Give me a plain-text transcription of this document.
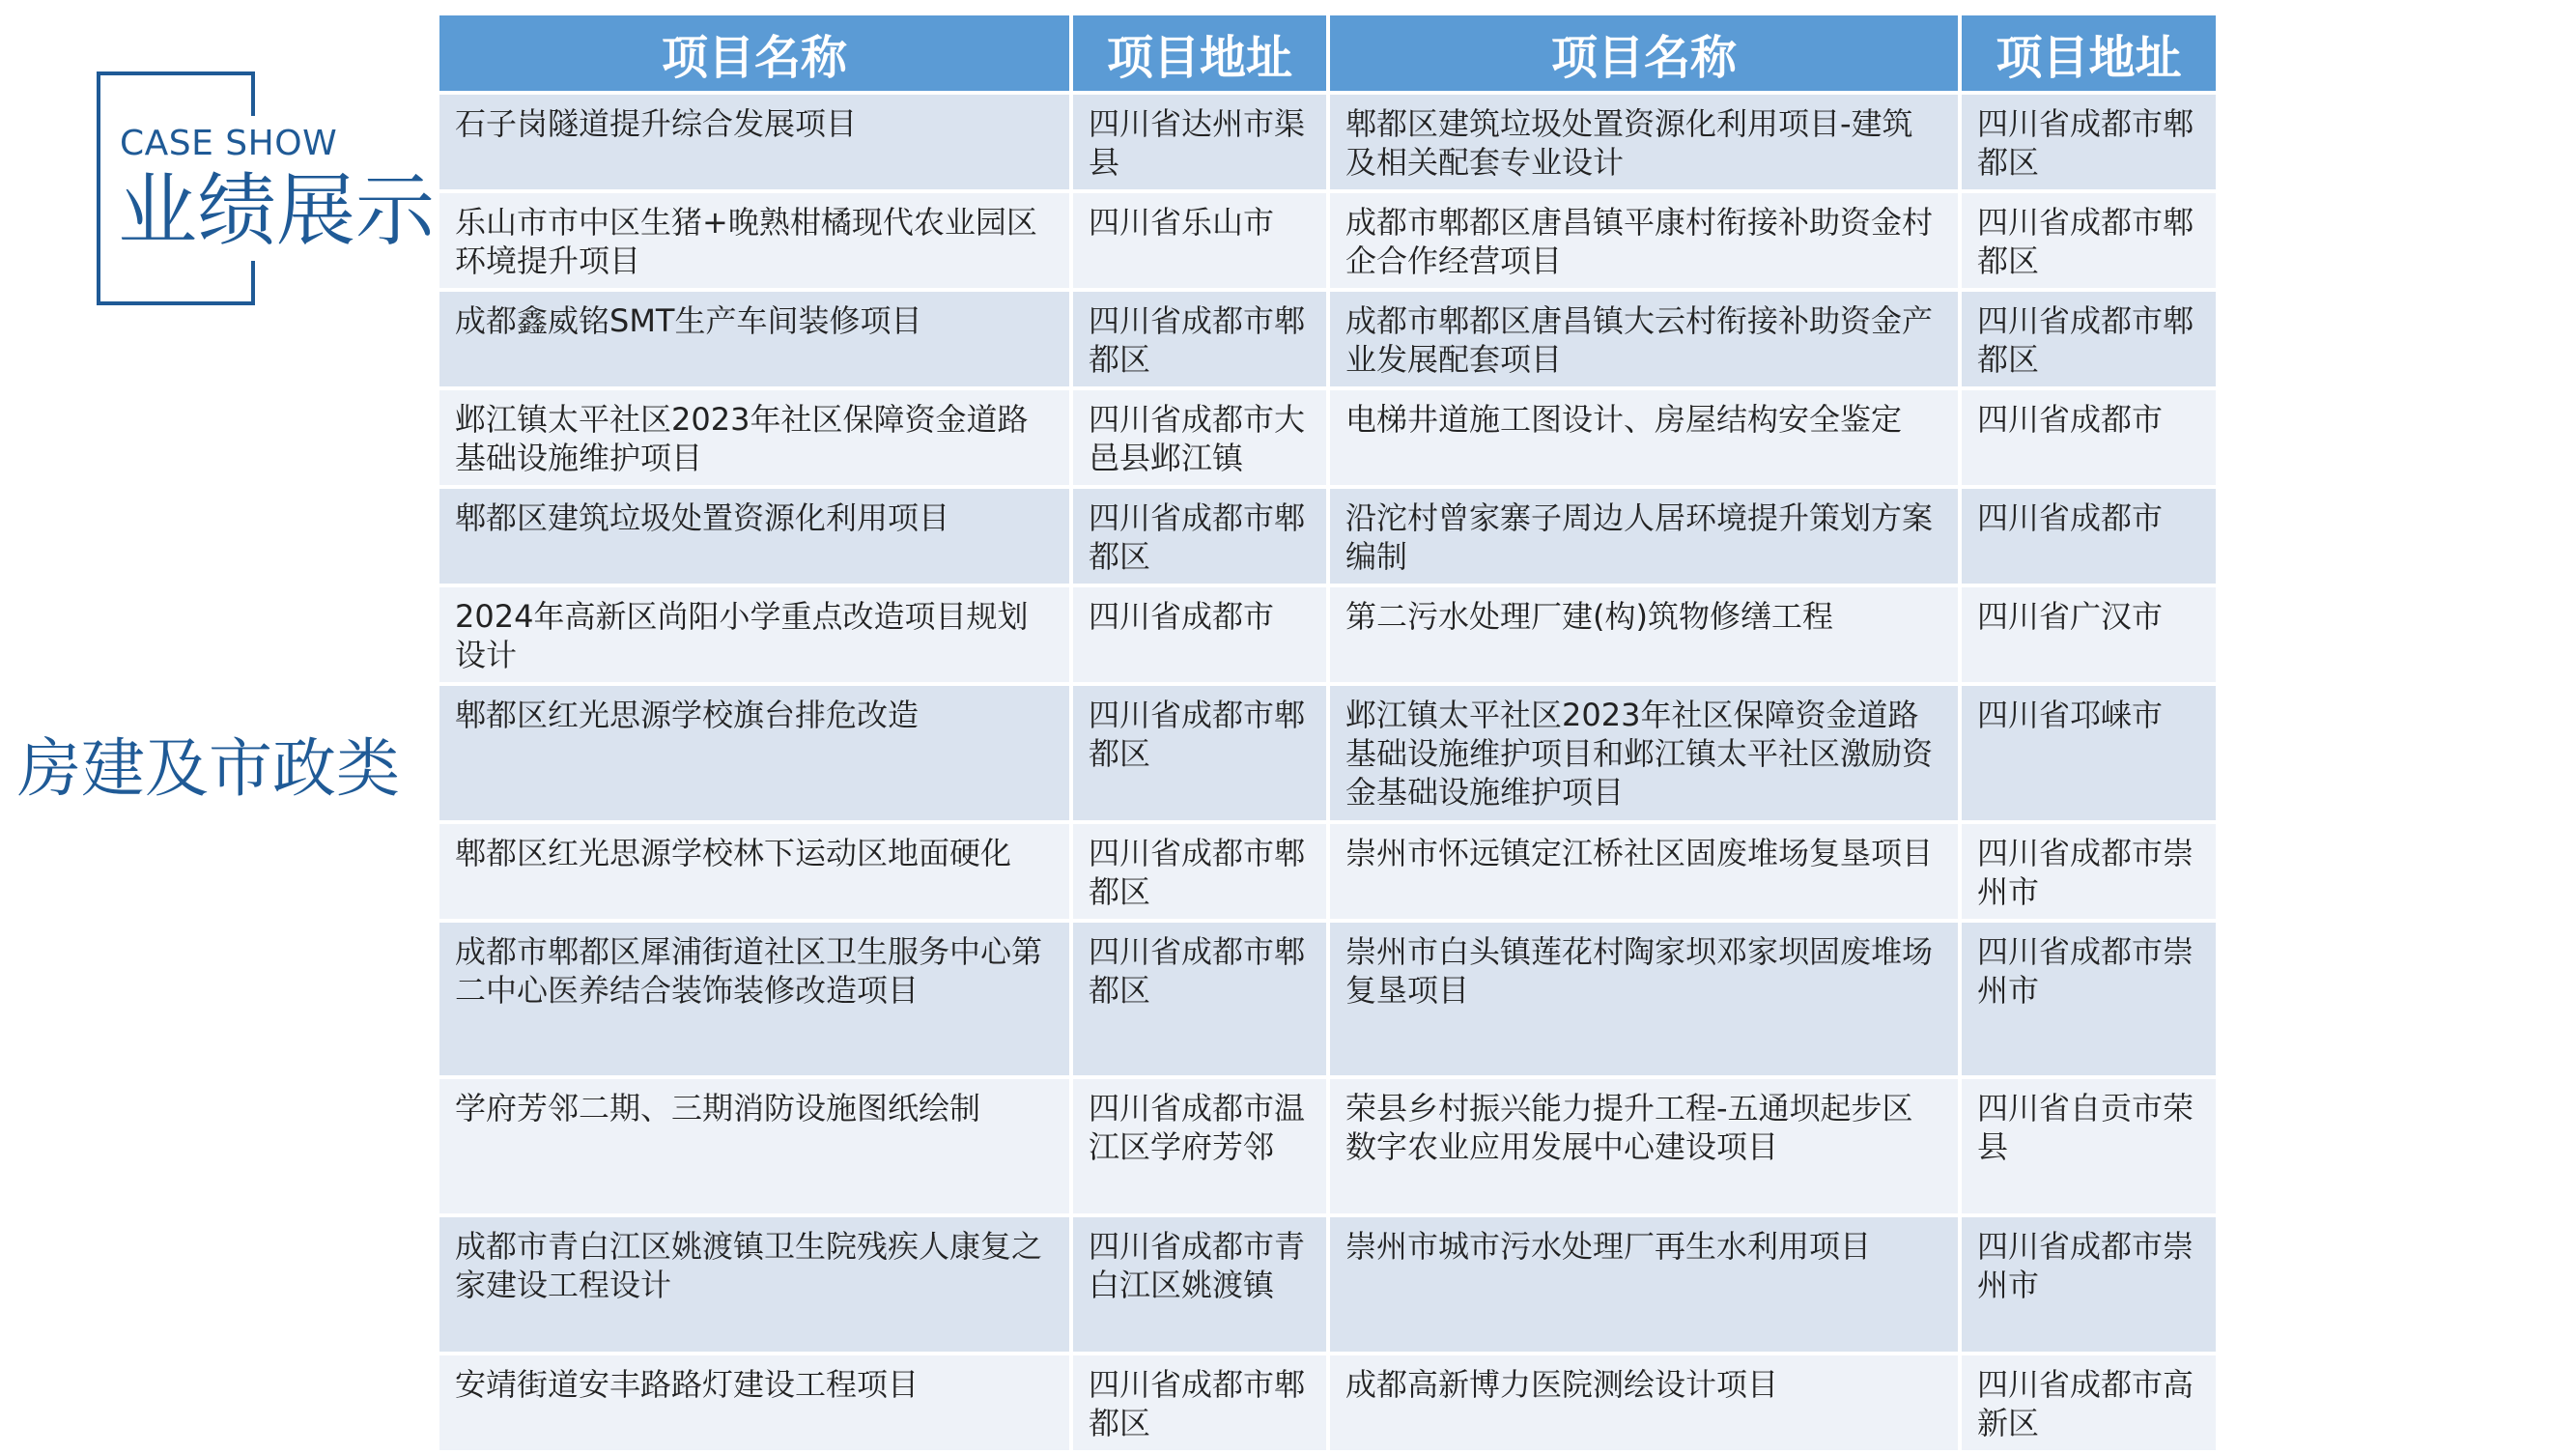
CASE SHOW
业绩展示
房建及市政类
项目名称	项目地址	项目名称	项目地址
石子岗隧道提升综合发展项目	四川省达州市渠县	郫都区建筑垃圾处置资源化利用项目-建筑及相关配套专业设计	四川省成都市郫都区
乐山市市中区生猪+晚熟柑橘现代农业园区环境提升项目	四川省乐山市	成都市郫都区唐昌镇平康村衔接补助资金村企合作经营项目	四川省成都市郫都区
成都鑫威铭SMT生产车间装修项目	四川省成都市郫都区	成都市郫都区唐昌镇大云村衔接补助资金产业发展配套项目	四川省成都市郫都区
邺江镇太平社区2023年社区保障资金道路基础设施维护项目	四川省成都市大邑县邺江镇	电梯井道施工图设计、房屋结构安全鉴定	四川省成都市
郫都区建筑垃圾处置资源化利用项目	四川省成都市郫都区	沿沱村曾家寨子周边人居环境提升策划方案编制	四川省成都市
2024年高新区尚阳小学重点改造项目规划设计	四川省成都市	第二污水处理厂建(构)筑物修缮工程	四川省广汉市
郫都区红光思源学校旗台排危改造	四川省成都市郫都区	邺江镇太平社区2023年社区保障资金道路基础设施维护项目和邺江镇太平社区激励资金基础设施维护项目	四川省邛崃市
郫都区红光思源学校林下运动区地面硬化	四川省成都市郫都区	崇州市怀远镇定江桥社区固废堆场复垦项目	四川省成都市崇州市
成都市郫都区犀浦街道社区卫生服务中心第二中心医养结合装饰装修改造项目	四川省成都市郫都区	崇州市白头镇莲花村陶家坝邓家坝固废堆场复垦项目	四川省成都市崇州市
学府芳邻二期、三期消防设施图纸绘制	四川省成都市温江区学府芳邻	荣县乡村振兴能力提升工程-五通坝起步区数字农业应用发展中心建设项目	四川省自贡市荣县
成都市青白江区姚渡镇卫生院残疾人康复之家建设工程设计	四川省成都市青白江区姚渡镇	崇州市城市污水处理厂再生水利用项目	四川省成都市崇州市
安靖街道安丰路路灯建设工程项目	四川省成都市郫都区	成都高新博力医院测绘设计项目	四川省成都市高新区
